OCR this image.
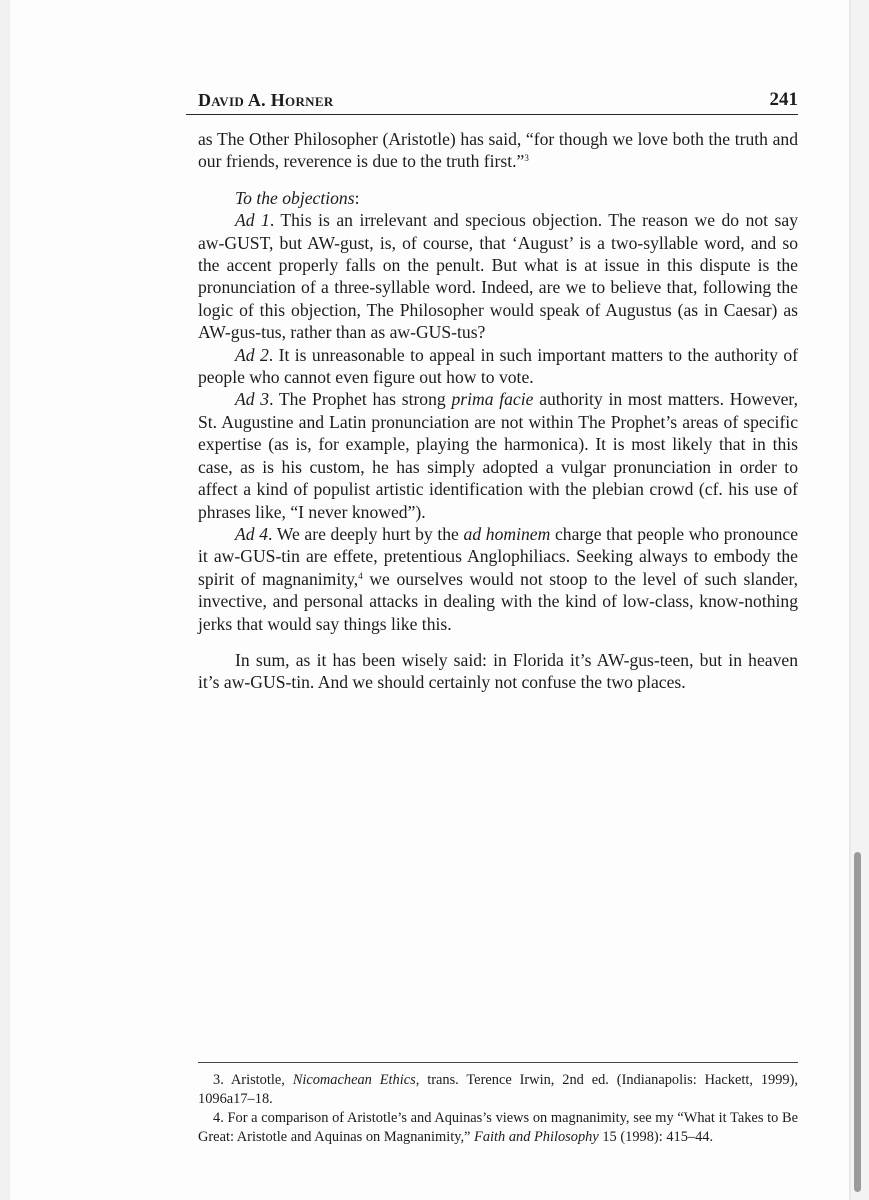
David A. Horner	241

as The Other Philosopher (Aristotle) has said, “for though we love both the truth and our friends, reverence is due to the truth first.”$^3$

To the objections:

Ad 1. This is an irrelevant and specious objection. The reason we do not say aw-GUST, but AW-gust, is, of course, that ‘August’ is a two-syllable word, and so the accent properly falls on the penult. But what is at issue in this dispute is the pronunciation of a three-syllable word. Indeed, are we to believe that, following the logic of this objection, The Philosopher would speak of Augustus (as in Caesar) as AW-gus-tus, rather than as aw-GUS-tus?

Ad 2. It is unreasonable to appeal in such important matters to the authority of people who cannot even figure out how to vote.

Ad 3. The Prophet has strong prima facie authority in most matters. However, St. Augustine and Latin pronunciation are not within The Prophet’s areas of specific expertise (as is, for example, playing the harmonica). It is most likely that in this case, as is his custom, he has simply adopted a vulgar pronunciation in order to affect a kind of populist artistic identification with the plebian crowd (cf. his use of phrases like, “I never knowed”).

Ad 4. We are deeply hurt by the ad hominem charge that people who pronounce it aw-GUS-tin are effete, pretentious Anglophiliacs. Seeking always to embody the spirit of magnanimity,$^4$ we ourselves would not stoop to the level of such slander, invective, and personal attacks in dealing with the kind of low-class, know-nothing jerks that would say things like this.

In sum, as it has been wisely said: in Florida it’s AW-gus-teen, but in heaven it’s aw-GUS-tin. And we should certainly not confuse the two places.

3. Aristotle, Nicomachean Ethics, trans. Terence Irwin, 2nd ed. (Indianapolis: Hackett, 1999), 1096a17–18.

4. For a comparison of Aristotle’s and Aquinas’s views on magnanimity, see my “What it Takes to Be Great: Aristotle and Aquinas on Magnanimity,” Faith and Philosophy 15 (1998): 415–44.
